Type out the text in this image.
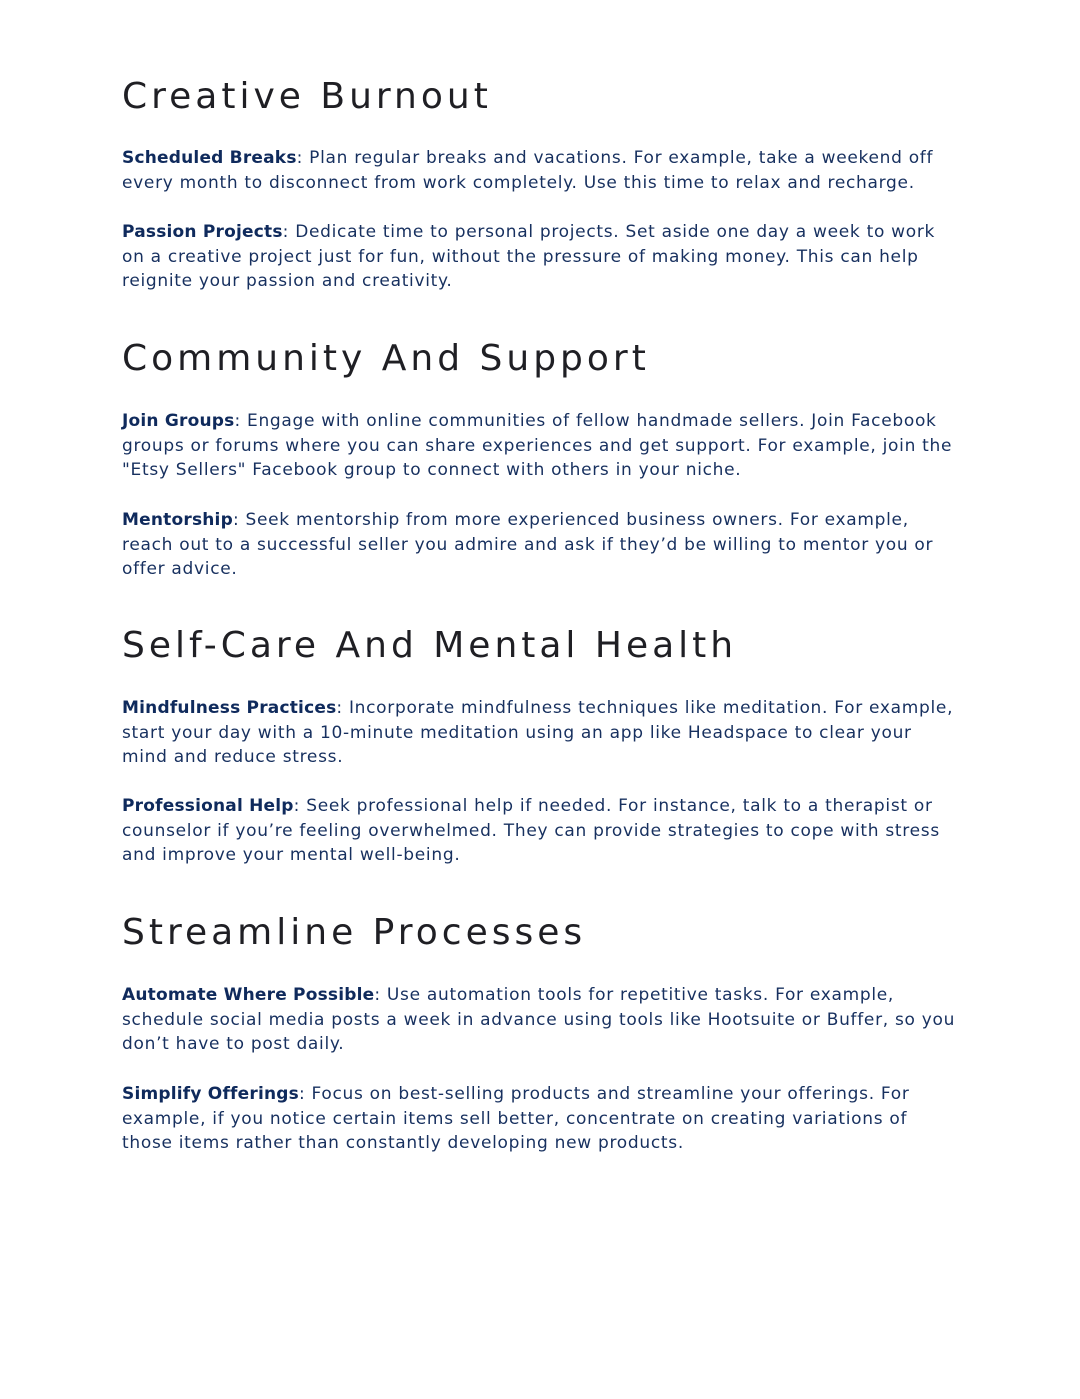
Creative Burnout

Scheduled Breaks: Plan regular breaks and vacations. For example, take a weekend off every month to disconnect from work completely. Use this time to relax and recharge.

Passion Projects: Dedicate time to personal projects. Set aside one day a week to work on a creative project just for fun, without the pressure of making money. This can help reignite your passion and creativity.

Community And Support

Join Groups: Engage with online communities of fellow handmade sellers. Join Facebook groups or forums where you can share experiences and get support. For example, join the "Etsy Sellers" Facebook group to connect with others in your niche.

Mentorship: Seek mentorship from more experienced business owners. For example, reach out to a successful seller you admire and ask if they’d be willing to mentor you or offer advice.

Self-Care And Mental Health

Mindfulness Practices: Incorporate mindfulness techniques like meditation. For example, start your day with a 10-minute meditation using an app like Headspace to clear your mind and reduce stress.

Professional Help: Seek professional help if needed. For instance, talk to a therapist or counselor if you’re feeling overwhelmed. They can provide strategies to cope with stress and improve your mental well-being.

Streamline Processes

Automate Where Possible: Use automation tools for repetitive tasks. For example, schedule social media posts a week in advance using tools like Hootsuite or Buffer, so you don’t have to post daily.

Simplify Offerings: Focus on best-selling products and streamline your offerings. For example, if you notice certain items sell better, concentrate on creating variations of those items rather than constantly developing new products.
